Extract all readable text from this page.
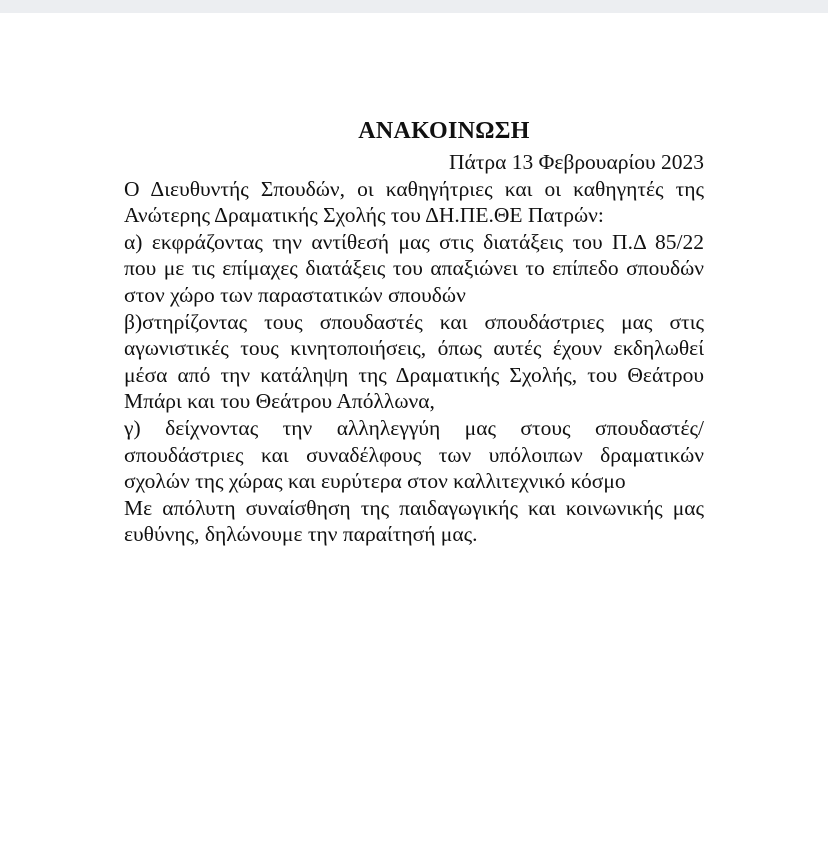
ΑΝΑΚΟΙΝΩΣΗ
Πάτρα 13 Φεβρουαρίου 2023

Ο Διευθυντής Σπουδών, οι καθηγήτριες και οι καθηγητές της Ανώτερης Δραματικής Σχολής του ΔΗ.ΠΕ.ΘΕ Πατρών:

α) εκφράζοντας την αντίθεσή μας στις διατάξεις του Π.Δ 85/22 που με τις επίμαχες διατάξεις του απαξιώνει το επίπεδο σπουδών στον χώρο των παραστατικών σπουδών

β)στηρίζοντας τους σπουδαστές και σπουδάστριες μας στις αγωνιστικές τους κινητοποιήσεις, όπως αυτές έχουν εκδηλωθεί μέσα από την κατάληψη της Δραματικής Σχολής, του Θεάτρου Μπάρι και του Θεάτρου Απόλλωνα,

γ) δείχνοντας την αλληλεγγύη μας στους σπουδαστές/ σπουδάστριες και συναδέλφους των υπόλοιπων δραματικών σχολών της χώρας και ευρύτερα στον καλλιτεχνικό κόσμο

Με απόλυτη συναίσθηση της παιδαγωγικής και κοινωνικής μας ευθύνης, δηλώνουμε την παραίτησή μας.
